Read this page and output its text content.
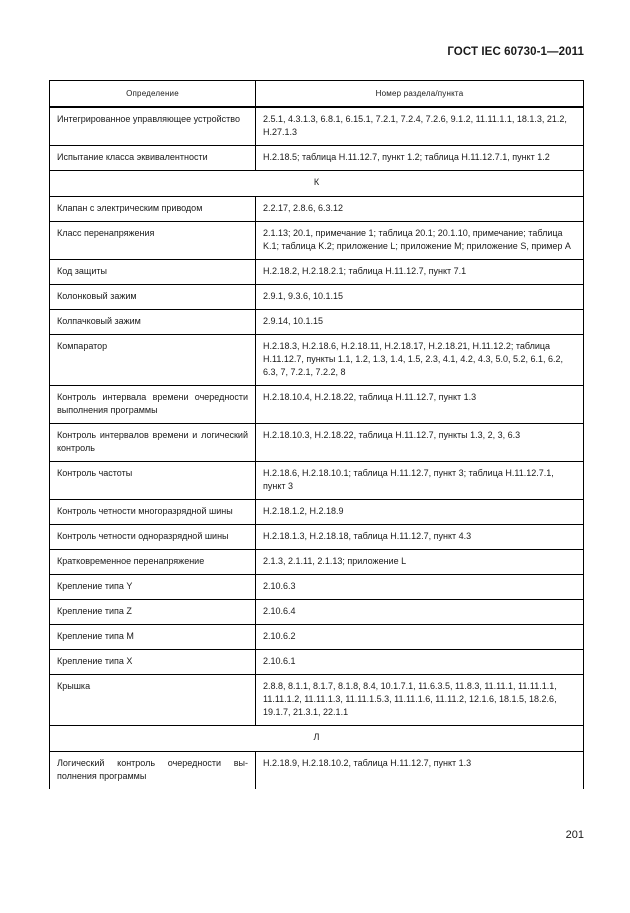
ГОСТ IEC 60730-1—2011
Определение	Номер раздела/пункта
Интегрированное управляющее устройство	2.5.1, 4.3.1.3, 6.8.1, 6.15.1, 7.2.1, 7.2.4, 7.2.6, 9.1.2, 11.11.1.1, 18.1.3, 21.2, H.27.1.3
Испытание класса эквивалентности	H.2.18.5; таблица H.11.12.7, пункт 1.2; таблица H.11.12.7.1, пункт 1.2
К	
Клапан с электрическим приводом	2.2.17, 2.8.6, 6.3.12
Класс перенапряжения	2.1.13; 20.1, примечание 1; таблица 20.1; 20.1.10, примечание; таблица K.1; таблица K.2; приложение L; приложение M; приложение S, пример A
Код защиты	H.2.18.2, H.2.18.2.1; таблица H.11.12.7, пункт 7.1
Колонковый зажим	2.9.1, 9.3.6, 10.1.15
Колпачковый зажим	2.9.14, 10.1.15
Компаратор	H.2.18.3, H.2.18.6, H.2.18.11, H.2.18.17, H.2.18.21, H.11.12.2; таблица H.11.12.7, пункты 1.1, 1.2, 1.3, 1.4, 1.5, 2.3, 4.1, 4.2, 4.3, 5.0, 5.2, 6.1, 6.2, 6.3, 7, 7.2.1, 7.2.2, 8
Контроль интервала времени очередности выполнения программы	H.2.18.10.4, H.2.18.22, таблица H.11.12.7, пункт 1.3
Контроль интервалов времени и логический контроль	H.2.18.10.3, H.2.18.22, таблица H.11.12.7, пункты 1.3, 2, 3, 6.3
Контроль частоты	H.2.18.6, H.2.18.10.1; таблица H.11.12.7, пункт 3; таблица H.11.12.7.1, пункт 3
Контроль четности многоразрядной шины	H.2.18.1.2, H.2.18.9
Контроль четности одноразрядной шины	H.2.18.1.3, H.2.18.18, таблица H.11.12.7, пункт 4.3
Кратковременное перенапряжение	2.1.3, 2.1.11, 2.1.13; приложение L
Крепление типа Y	2.10.6.3
Крепление типа Z	2.10.6.4
Крепление типа M	2.10.6.2
Крепление типа X	2.10.6.1
Крышка	2.8.8, 8.1.1, 8.1.7, 8.1.8, 8.4, 10.1.7.1, 11.6.3.5, 11.8.3, 11.11.1, 11.11.1.1, 11.11.1.2, 11.11.1.3, 11.11.1.5.3, 11.11.1.6, 11.11.2, 12.1.6, 18.1.5, 18.2.6, 19.1.7, 21.3.1, 22.1.1
Л	
Логический контроль очередности выполнения программы	H.2.18.9, H.2.18.10.2, таблица H.11.12.7, пункт 1.3
201
